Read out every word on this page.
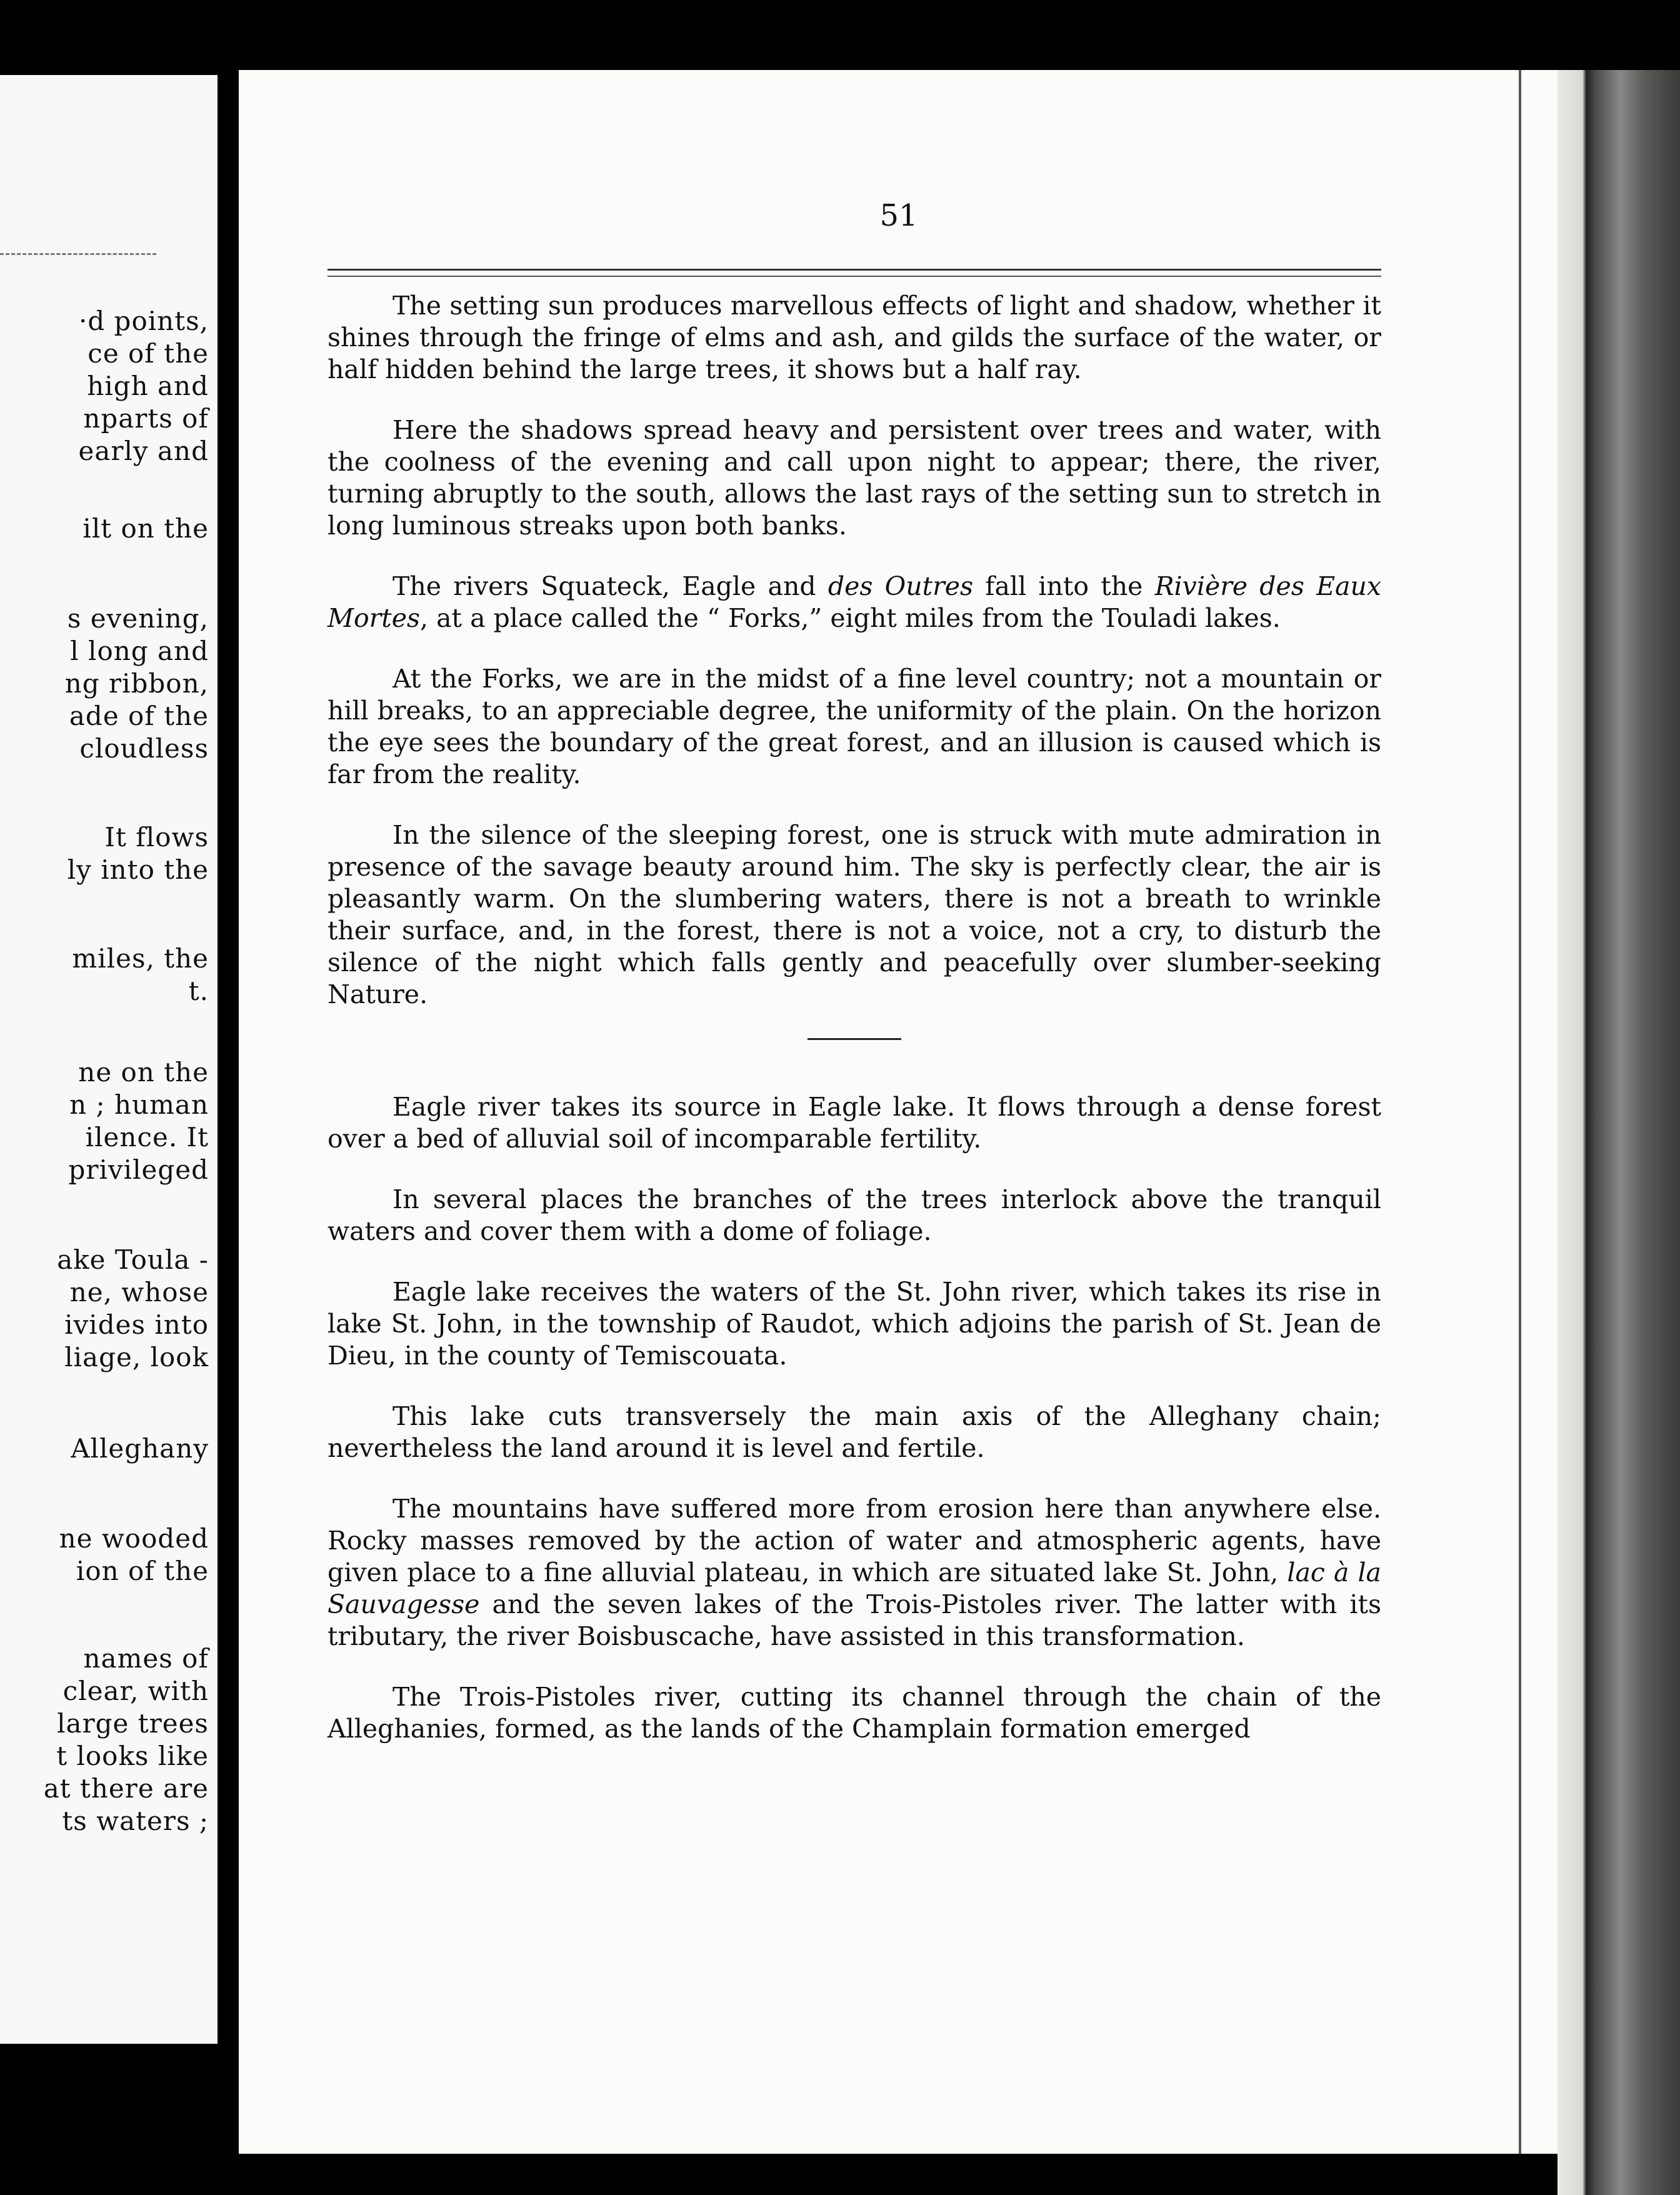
·d points,
ce of the
high and
nparts of
early and
ilt on the
s evening,
l long and
ng ribbon,
ade of the
cloudless
It flows
ly into the
miles, the
t.
ne on the
n ; human
ilence. It
privileged
ake Toula -
ne, whose
ivides into
liage, look
Alleghany
ne wooded
ion of the
names of
clear, with
large trees
t looks like
at there are
ts waters ;
51

The setting sun produces marvellous effects of light and shadow, whether it shines through the fringe of elms and ash, and gilds the surface of the water, or half hidden behind the large trees, it shows but a half ray.

Here the shadows spread heavy and persistent over trees and water, with the coolness of the evening and call upon night to appear; there, the river, turning abruptly to the south, allows the last rays of the setting sun to stretch in long luminous streaks upon both banks.

The rivers Squateck, Eagle and des Outres fall into the Rivière des Eaux Mortes, at a place called the “ Forks,” eight miles from the Touladi lakes.

At the Forks, we are in the midst of a fine level country; not a mountain or hill breaks, to an appreciable degree, the uniformity of the plain. On the horizon the eye sees the boundary of the great forest, and an illusion is caused which is far from the reality.

In the silence of the sleeping forest, one is struck with mute admiration in presence of the savage beauty around him. The sky is perfectly clear, the air is pleasantly warm. On the slumbering waters, there is not a breath to wrinkle their surface, and, in the forest, there is not a voice, not a cry, to disturb the silence of the night which falls gently and peacefully over slumber-seeking Nature.

Eagle river takes its source in Eagle lake. It flows through a dense forest over a bed of alluvial soil of incomparable fertility.

In several places the branches of the trees interlock above the tranquil waters and cover them with a dome of foliage.

Eagle lake receives the waters of the St. John river, which takes its rise in lake St. John, in the township of Raudot, which adjoins the parish of St. Jean de Dieu, in the county of Temiscouata.

This lake cuts transversely the main axis of the Alleghany chain; nevertheless the land around it is level and fertile.

The mountains have suffered more from erosion here than anywhere else. Rocky masses removed by the action of water and atmospheric agents, have given place to a fine alluvial plateau, in which are situated lake St. John, lac à la Sauvagesse and the seven lakes of the Trois-Pistoles river. The latter with its tributary, the river Boisbuscache, have assisted in this transformation.

The Trois-Pistoles river, cutting its channel through the chain of the Alleghanies, formed, as the lands of the Champlain formation emerged
